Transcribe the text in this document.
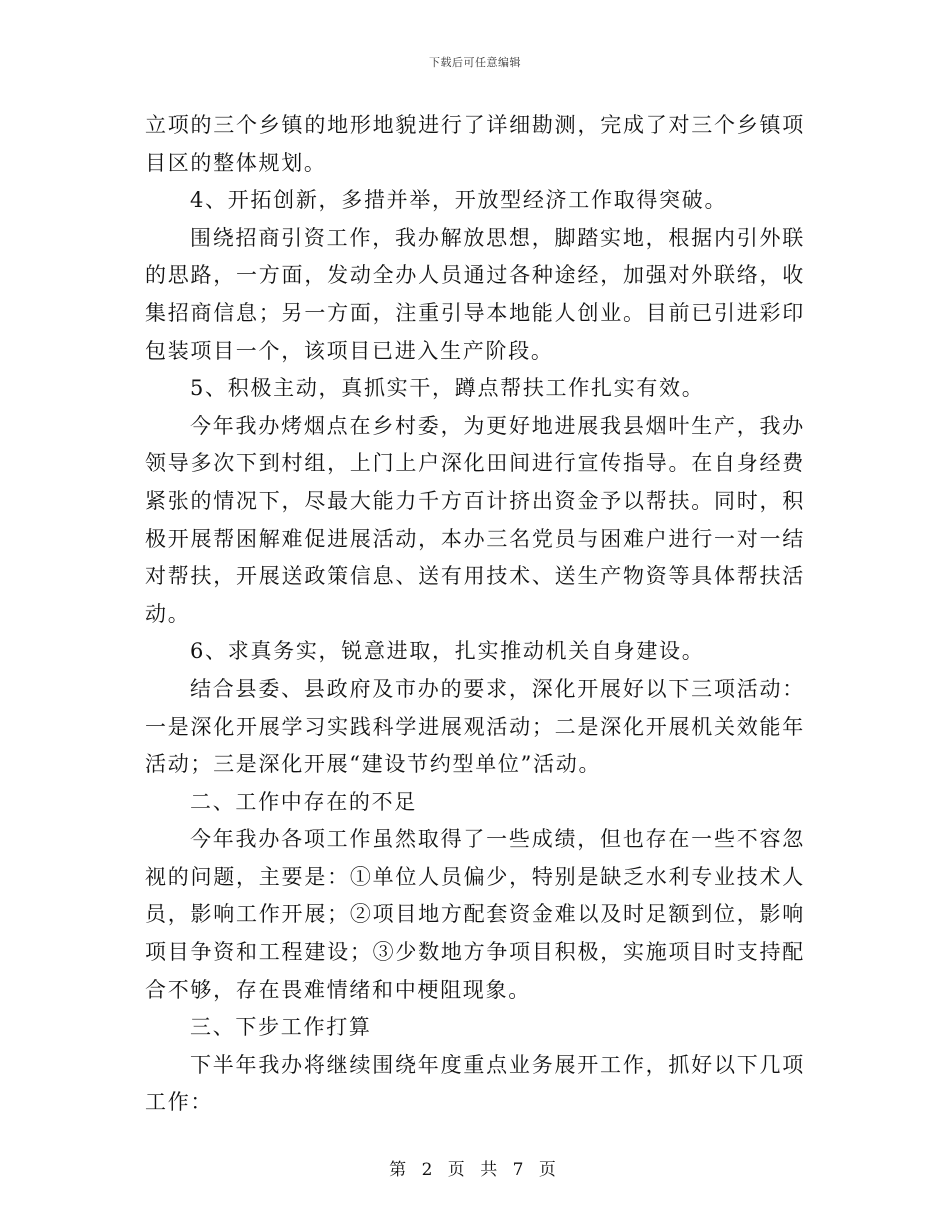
下载后可任意编辑

立项的三个乡镇的地形地貌进行了详细勘测，完成了对三个乡镇项目区的整体规划。

4、开拓创新，多措并举，开放型经济工作取得突破。

围绕招商引资工作，我办解放思想，脚踏实地，根据内引外联的思路，一方面，发动全办人员通过各种途经，加强对外联络，收集招商信息；另一方面，注重引导本地能人创业。目前已引进彩印包装项目一个，该项目已进入生产阶段。

5、积极主动，真抓实干，蹲点帮扶工作扎实有效。

今年我办烤烟点在乡村委，为更好地进展我县烟叶生产，我办领导多次下到村组，上门上户深化田间进行宣传指导。在自身经费紧张的情况下，尽最大能力千方百计挤出资金予以帮扶。同时，积极开展帮困解难促进展活动，本办三名党员与困难户进行一对一结对帮扶，开展送政策信息、送有用技术、送生产物资等具体帮扶活动。

6、求真务实，锐意进取，扎实推动机关自身建设。

结合县委、县政府及市办的要求，深化开展好以下三项活动：一是深化开展学习实践科学进展观活动；二是深化开展机关效能年活动；三是深化开展“建设节约型单位”活动。

二、工作中存在的不足

今年我办各项工作虽然取得了一些成绩，但也存在一些不容忽视的问题，主要是：①单位人员偏少，特别是缺乏水利专业技术人员，影响工作开展；②项目地方配套资金难以及时足额到位，影响项目争资和工程建设；③少数地方争项目积极，实施项目时支持配合不够，存在畏难情绪和中梗阻现象。

三、下步工作打算

下半年我办将继续围绕年度重点业务展开工作，抓好以下几项工作：

第 2 页 共 7 页
